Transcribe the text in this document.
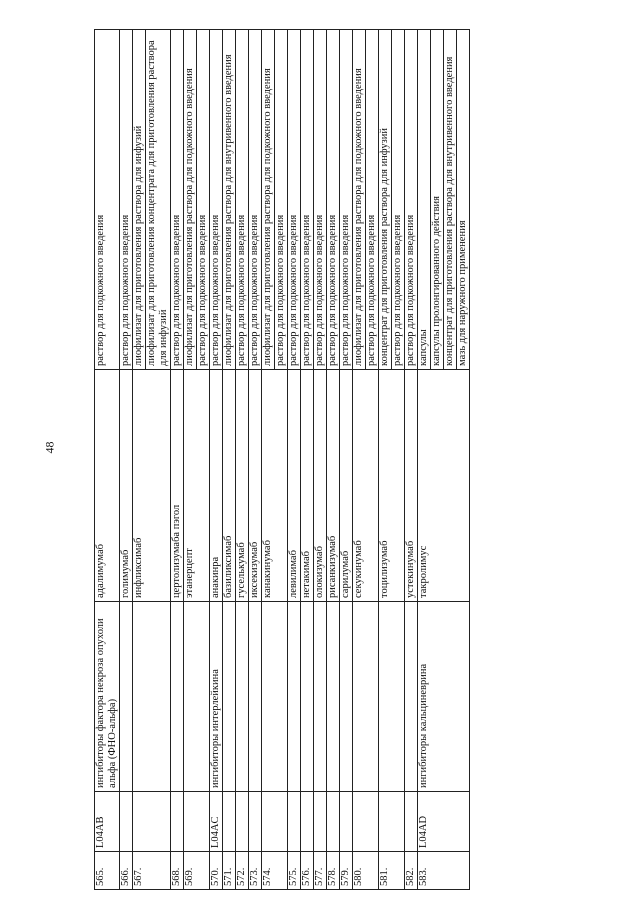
48
565.	L04AB	ингибиторы фактора некроза опухоли альфа (ФНО-альфа)	адалимумаб	раствор для подкожного введения

566.			голимумаб	раствор для подкожного введения

567.			инфликсимаб	лиофилизат для приготовления раствора для инфузий лиофилизат для приготовления концентрата для приготовления раствора для инфузий

568.			цертолизумаба пэгол	раствор для подкожного введения

569.			этанерцепт	лиофилизат для приготовления раствора для подкожного введения раствор для подкожного введения

570.	L04AC	ингибиторы интерлейкина	анакинра	раствор для подкожного введения

571.			базиликсимаб	лиофилизат для приготовления раствора для внутривенного введения

572.			гуселькумаб	раствор для подкожного введения

573.			иксекизумаб	раствор для подкожного введения

574.			канакинумаб	лиофилизат для приготовления раствора для подкожного введения раствор для подкожного введения

575.			левилимаб	раствор для подкожного введения

576.			нетакимаб	раствор для подкожного введения

577.			олокизумаб	раствор для подкожного введения

578.			рисанкизумаб	раствор для подкожного введения

579.			сарилумаб	раствор для подкожного введения

580.			секукинумаб	лиофилизат для приготовления раствора для подкожного введения раствор для подкожного введения

581.			тоцилизумаб	концентрат для приготовления раствора для инфузий раствор для подкожного введения

582.			устекинумаб	раствор для подкожного введения

583.	L04AD	ингибиторы кальциневрина	такролимус	капсулы капсулы пролонгированного действия концентрат для приготовления раствора для внутривенного введения мазь для наружного применения
